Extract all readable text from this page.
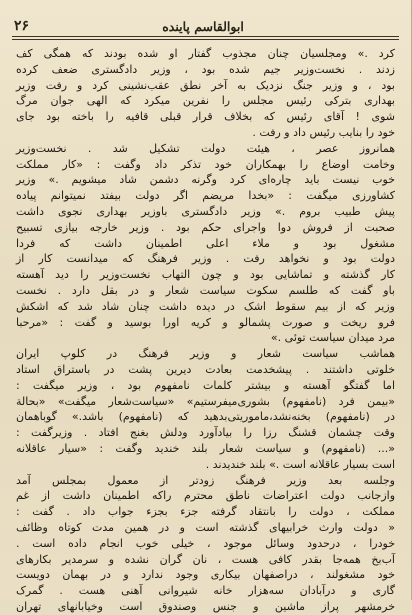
۲۶	ابوالقاسم پاینده
کرد .» ومجلسیان چنان مجذوب گفتار او شده بودند که همگی کف
زدند . نخست‌وزیر جیم شده بود ، وزیر دادگستری ضعف کرده
بود ، و وزیر جنگ نزدیک به آخر نطق عقب‌نشینی کرد و رفت وزیر
بهداری بترکی رئیس مجلس را نفرین میکرد که الهی جوان مرگ
شوی ! آقای رئیس که بخلاف قرار قبلی قافیه را باخته بود جای
خود را بنایب رئیس داد و رفت .
همانروز عصر ، هیئت دولت تشکیل شد . نخست‌وزیر
وخامت اوضاع را بهمکاران خود تذکر داد وگفت : «کار مملکت
خوب نیست باید چاره‌ای کرد وگرنه دشمن شاد میشویم .» وزیر
کشاورزی میگفت : «بخدا مریضم اگر دولت بیفتد نمیتوانم پیاده
پیش طبیب بروم .» وزیر دادگستری باوزیر بهداری نجوی داشت
صحبت از فروش دوا واجرای حکم بود . وزیر خارجه بیازی تسبیح
مشغول بود و ملاء اعلی اطمینان داشت که فردا
دولت بود و نخواهد رفت . وزیر فرهنگ که میدانست کار از
کار گذشته و تماشایی بود و چون التهاب نخست‌وزیر را دید آهسته
باو گفت که طلسم سکوت سیاست شعار و در بقل دارد . نخست
وزیر که از بیم سقوط اشک در دیده داشت چنان شاد شد که اشکش
فرو ریخت و صورت پشمالو و کریه اورا بوسید و گفت : «مرحبا
مرد میدان سیاست توئی .»
هماشب سیاست شعار و وزیر فرهنگ در کلوپ ایران
خلوتی داشتند . پیشخدمت بعادت دیرین پشت در باستراق استاد
اما گفتگو آهسته و بیشتر کلمات نامفهوم بود ، وزیر میگفت :
«بیمن فرد (نامفهوم) بشوری‌میفرستیم» «سیاست‌شعار میگفت» «بحالة
در (نامفهوم) بخنه‌نشد،ماموریتی‌بدهید که (نامفهوم) باشد.» گوباهمان
وقت چشمان قشنگ رزا را بیادآورد ودلش بغنج افتاد . وزیرگفت :
«... (نامفهوم) و سیاست شعار بلند خندید وگفت : «سیار عاقلانه
است بسیار عاقلانه است .» بلند خندیدند .
وجلسه بعد وزیر فرهنگ زودتر از معمول بمجلس آمد
وازجانب دولت اعتراضات ناطق محترم راکه اطمینان داشت از غم
مملکت ، دولت را بانتقاد گرفته جزء بجزء جواب داد . گفت :
« دولت وارث خرابیهای گذشته است و در همین مدت کوتاه وظائف
خودرا ، درحدود وسائل موجود ، خیلی خوب انجام داده است .
آب‌بخ همه‌جا بقدر کافی هست ، نان گران نشده و سرمدیر بکارهای
خود مشغولند ، دراصفهان بیکاری وجود ندارد و در بهمان دویست
گاری و درآبادان سه‌هزار خانه شیروانی آهنی هست . گمرک
خرمشهر پراز ماشین و جنس وصندوق است وخیابانهای تهران
